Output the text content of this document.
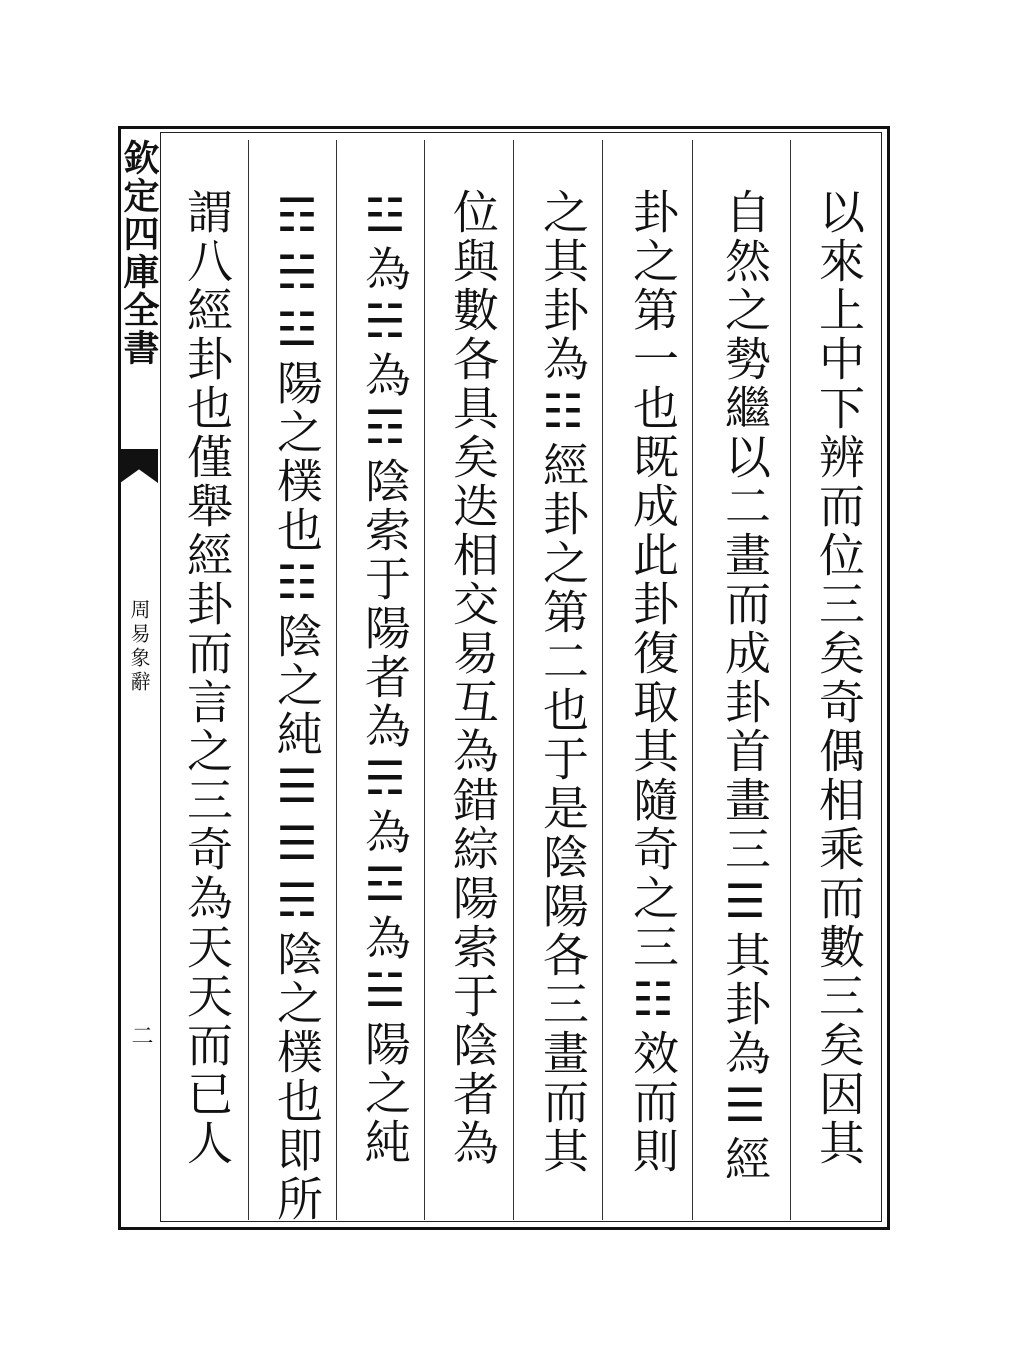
欽定四庫全書
周易象辭
二	以來上中下辨而位三矣奇偶相乘而數三矣因其
自然之勢繼以二畫而成卦首畫三☰其卦為☰經
卦之第一也既成此卦復取其隨奇之三☷效而則
之其卦為☷經卦之第二也于是陰陽各三畫而其
位與數各具矣迭相交易互為錯綜陽索于陰者為
☳為☵為☶陰索于陽者為☴為☲為☱陽之純
☶☵☳陽之樸也☷陰之純☰☰☴陰之樸也即所
謂八經卦也僅舉經卦而言之三奇為天天而已人
